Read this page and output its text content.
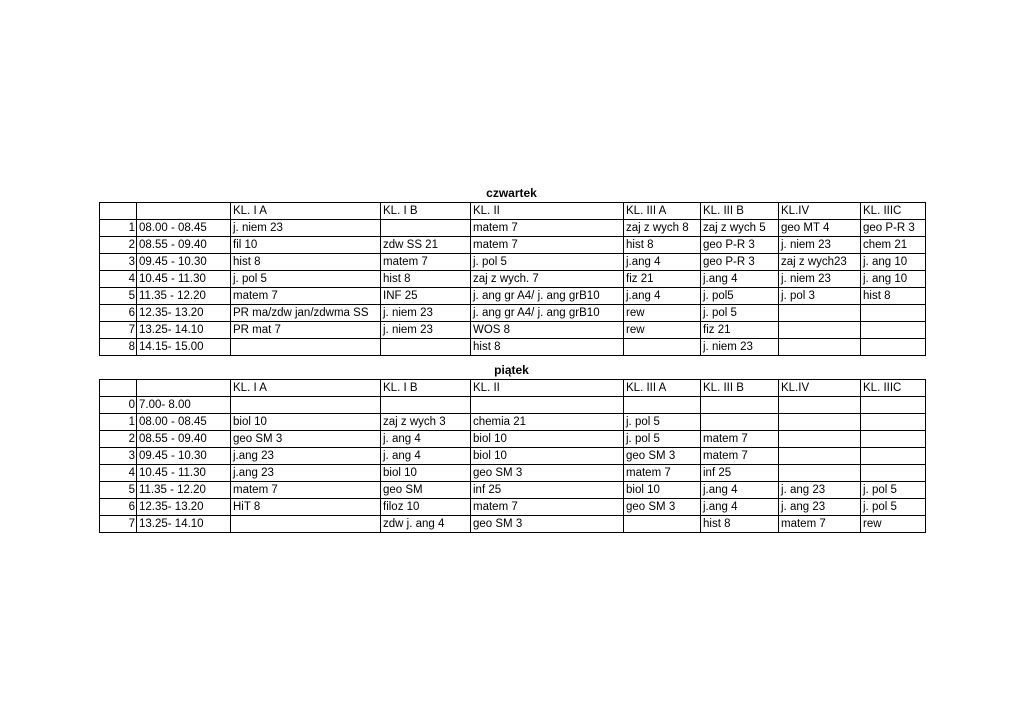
czwartek
		KL. I A	KL. I B	KL. II	KL. III A	KL. III B	KL.IV	KL. IIIC
1	08.00 - 08.45	j. niem 23		matem 7	zaj z wych 8	zaj z wych 5	geo MT 4	geo P-R 3
2	08.55 - 09.40	fil 10	zdw SS 21	matem 7	hist 8	geo P-R 3	j. niem 23	chem 21
3	09.45 - 10.30	hist 8	matem 7	j. pol 5	j.ang 4	geo P-R 3	zaj z wych23	j. ang 10
4	10.45 - 11.30	j. pol 5	hist 8	zaj z wych. 7	fiz 21	j.ang 4	j. niem 23	j. ang 10
5	11.35 - 12.20	matem 7	INF 25	j. ang gr A4/ j. ang grB10	j.ang 4	j. pol5	j. pol 3	hist 8
6	12.35- 13.20	PR ma/zdw jan/zdwma SS	j. niem 23	j. ang gr A4/ j. ang grB10	rew	j. pol 5		
7	13.25- 14.10	PR mat 7	j. niem 23	WOS 8	rew	fiz 21		
8	14.15- 15.00			hist 8		j. niem 23		
piątek
		KL. I A	KL. I B	KL. II	KL. III A	KL. III B	KL.IV	KL. IIIC
0	7.00- 8.00							
1	08.00 - 08.45	biol 10	zaj z wych 3	chemia 21	j. pol 5			
2	08.55 - 09.40	geo SM 3	j. ang 4	biol 10	j. pol 5	matem 7		
3	09.45 - 10.30	j.ang 23	j. ang 4	biol 10	geo SM 3	matem 7		
4	10.45 - 11.30	j.ang 23	biol 10	geo SM 3	matem 7	inf 25		
5	11.35 - 12.20	matem 7	geo SM	inf 25	biol 10	j.ang 4	j. ang 23	j. pol 5
6	12.35- 13.20	HiT 8	filoz 10	matem 7	geo SM 3	j.ang 4	j. ang 23	j. pol 5
7	13.25- 14.10		zdw j. ang 4	geo SM 3		hist 8	matem 7	rew
